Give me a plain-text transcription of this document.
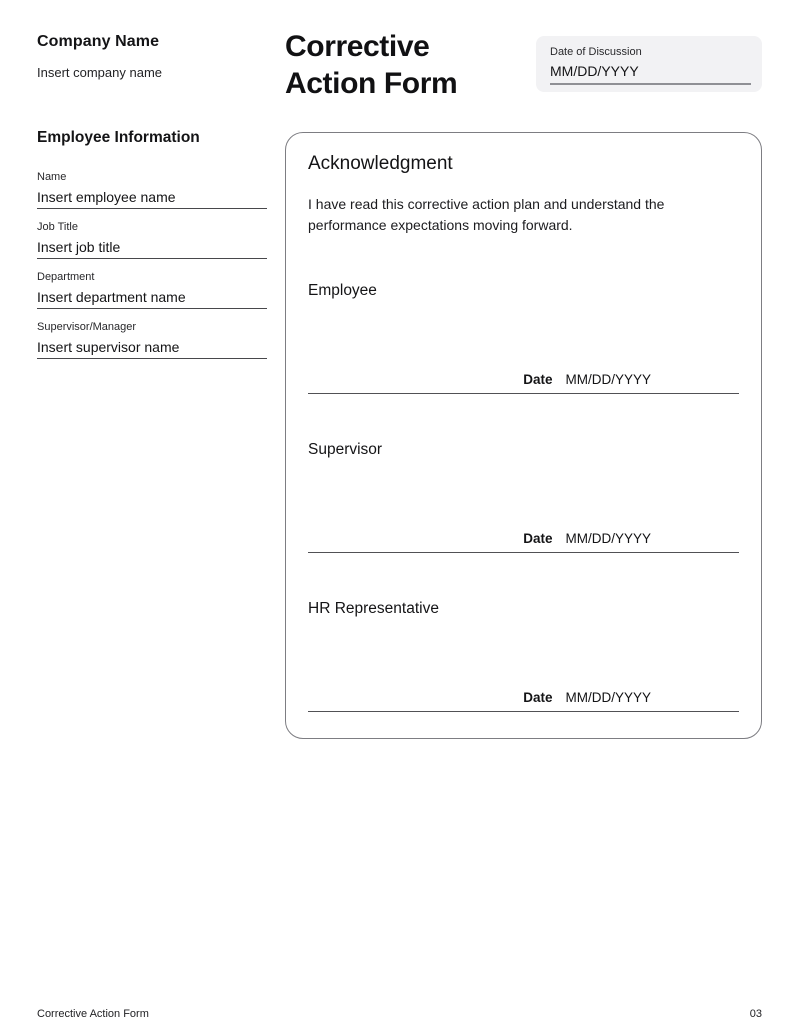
Company Name
Insert company name
Corrective Action Form
Date of Discussion
MM/DD/YYYY
Employee Information
Name
Insert employee name
Job Title
Insert job title
Department
Insert department name
Supervisor/Manager
Insert supervisor name
Acknowledgment

I have read this corrective action plan and understand the performance expectations moving forward.

Employee
Date MM/DD/YYYY
Supervisor
Date MM/DD/YYYY
HR Representative
Date MM/DD/YYYY
Corrective Action Form	03
